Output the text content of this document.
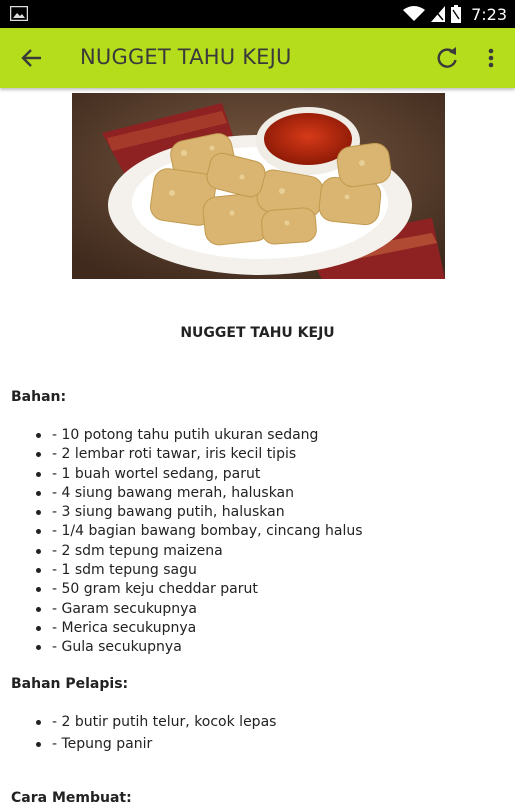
7:23
NUGGET TAHU KEJU
NUGGET TAHU KEJU
Bahan:
- 10 potong tahu putih ukuran sedang
- 2 lembar roti tawar, iris kecil tipis
- 1 buah wortel sedang, parut
- 4 siung bawang merah, haluskan
- 3 siung bawang putih, haluskan
- 1/4 bagian bawang bombay, cincang halus
- 2 sdm tepung maizena
- 1 sdm tepung sagu
- 50 gram keju cheddar parut
- Garam secukupnya
- Merica secukupnya
- Gula secukupnya
Bahan Pelapis:
- 2 butir putih telur, kocok lepas
- Tepung panir
Cara Membuat:
